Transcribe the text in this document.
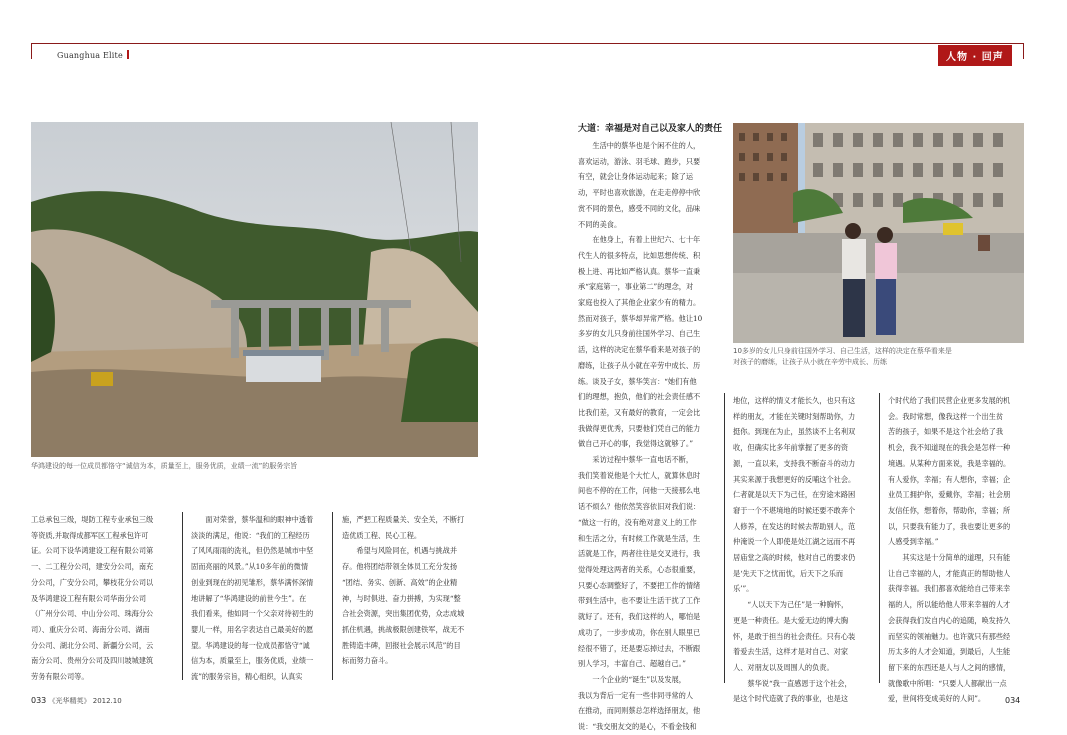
Guanghua Elite	人物 · 回声
华鸿建设的每一位成员都恪守“诚信为本，质量至上，服务优质，业绩一流”的服务宗旨

工总承包三级，堤防工程专业承包三级

等资质,并取得成都军区工程承包许可

证。公司下设华鸿建设工程有限公司第

一、二工程分公司，建安分公司，南充

分公司，广安分公司，攀枝花分公司以

及华鸿建设工程有限公司华南分公司

（广州分公司、中山分公司、珠海分公

司）、重庆分公司、海南分公司、湖南

分公司、湖北分公司、新疆分公司，云

南分公司、贵州分公司及四川坡城建筑

劳务有限公司等。

　　面对荣誉，蔡华温和的眼神中透着

淡淡的满足，他说：“我们的工程经历

了风风雨雨的洗礼，但仍然是城市中坚

固而亮丽的风景。”从10多年前的微情

创业到现在的初见雏形，蔡华满怀深情

地讲解了“华鸿建设的前世今生”。在

我们看来，他如同一个父亲对待初生的

婴儿一样，用名字表达自己最美好的愿

望。华鸿建设的每一位成员都恪守“诚

信为本，质量至上，服务优质，业绩一

流”的服务宗旨，精心组织，认真实

施，严把工程质量关、安全关，不断打

造优质工程、民心工程。

　　希望与风险同在，机遇与挑战并

存。他将团结带领全体员工充分发扬

“团结、务实、创新、高效”的企业精

神，与时俱进、奋力拼搏，为实现“整

合社会资源，突出集团优势，众志成城

抓住机遇，挑战极限创建铁军，战无不

胜铸造丰碑，回报社会展示风范”的目

标而努力奋斗。

大道：幸福是对自己以及家人的责任

　　生活中的蔡华也是个闲不住的人，

喜欢运动，游泳、羽毛球、跑步，只要

有空，就会让身体运动起来；除了运

动，平时也喜欢旅游，在走走停停中欣

赏不同的景色，感受不同的文化，品味

不同的美食。

　　在他身上，有着上世纪六、七十年

代生人的很多特点，比如思想传统、积

极上进、再比如严格认真。蔡华一直秉

承“家庭第一，事业第二”的理念，对

家庭也投入了其他企业家少有的精力。

然而对孩子，蔡华却异常严格。他让10

多岁的女儿只身前往国外学习、自己生

活，这样的决定在蔡华看来是对孩子的

磨练，让孩子从小就在辛劳中成长、历

练。谈及子女，蔡华笑言：“她们有他

们的理想，抱负，他们的社会责任感不

比我们差，又有最好的教育，一定会比

我做得更优秀，只要他们凭自己的能力

做自己开心的事，我觉得这就够了。”

　　采访过程中蔡华一直电话不断，

我们笑着说他是个大忙人，就算休息时

间也不停的在工作，问他一天接那么电

话不烦么？他依然笑容依旧对我们说：

“做这一行的，没有绝对意义上的工作

和生活之分，有时候工作就是生活，生

活就是工作，两者往往是交叉进行，我

觉得处理这两者的关系，心态很重要，

只要心态调整好了，不要把工作的情绪

带到生活中，也不要让生活干扰了工作

就好了。还有，我们这样的人，哪怕是

成功了，一步步成功，你在别人眼里已

经很不错了，还是要忘掉过去，不断跟

别人学习，丰富自己、超越自己。”

　　一个企业的“诞生”以及发展，

我以为背后一定有一些非同寻常的人

在推动，而同则蔡总怎样选择朋友，他

说：“我交朋友交的是心，不看金钱和

10多岁的女儿只身前往国外学习、自己生活，这样的决定在蔡华看来是
对孩子的磨练，让孩子从小就在辛劳中成长、历练

地位，这样的情义才能长久，也只有这

样的朋友，才能在关键时刻帮助你，力

挺你。到现在为止，虽然谈不上名利双

收，但确实比多年前掌握了更多的资

源，一直以来，支持我不断奋斗的动力

其实来源于我想更好的反哺这个社会。

仁者就是以天下为己任，在穷途末路困

窘于一个不堪境地的时候还要不敢奔个

人修养，在发达的时候去帮助别人，范

仲淹说一个人即使是处江湖之远而不再

居庙堂之高的时候，他对自己的要求仍

是‘先天下之忧而忧，后天下之乐而

乐’”。

　　“人以天下为己任”是一种胸怀，

更是一种责任。是大爱无边的博大胸

怀，是敢于担当的社会责任。只有心装

着爱去生活，这样才是对自己、对家

人、对朋友以及周围人的负责。

　　蔡华说“我一直感恩于这个社会，

是这个时代造就了我的事业，也是这

个时代给了我们民营企业更多发展的机

会。我时常想，像我这样一个出生贫

苦的孩子，如果不是这个社会给了我

机会，我不知道现在的我会是怎样一种

境遇。从某种方面来说，我是幸福的。

有人爱你，幸福；有人想你，幸福；企

业员工拥护你，爱戴你，幸福；社会朋

友信任你，想着你，帮助你，幸福；所

以，只要我有能力了，我也要让更多的

人感受到幸福。”

　　其实这是十分简单的道理，只有能

让自己幸福的人，才能真正的帮助他人

获得幸福。我们都喜欢能给自己带来幸

福的人，所以能给他人带来幸福的人才

会获得我们发自内心的追随，唤发持久

而坚实的领袖魅力。也许就只有那些经

历太多的人才会知道，到最后，人生能

留下来的东西还是人与人之间的感情，

就像歌中所唱：“只要人人都献出一点

爱，世间将变成美好的人间”。

033 《光华精英》 2012.10	034
